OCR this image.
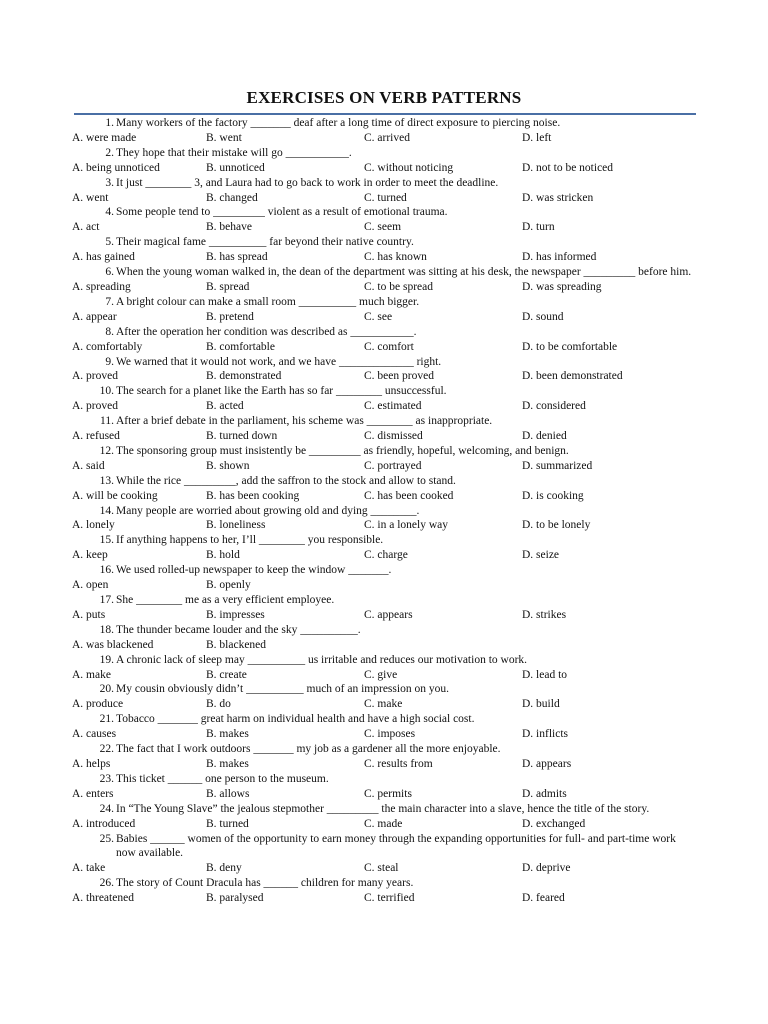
EXERCISES ON VERB PATTERNS
1. Many workers of the factory _______ deaf after a long time of direct exposure to piercing noise.
A. were made	B. went	C. arrived	D. left
2. They hope that their mistake will go ___________.
A. being unnoticed	B. unnoticed	C. without noticing	D. not to be noticed
3. It just ________ 3, and Laura had to go back to work in order to meet the deadline.
A. went	B. changed	C. turned	D. was stricken
4. Some people tend to _________ violent as a result of emotional trauma.
A. act	B. behave	C. seem	D. turn
5. Their magical fame __________ far beyond their native country.
A. has gained	B. has spread	C. has known	D. has informed
6. When the young woman walked in, the dean of the department was sitting at his desk, the newspaper _________ before him.
A. spreading	B. spread	C. to be spread	D. was spreading
7. A bright colour can make a small room __________ much bigger.
A. appear	B. pretend	C. see	D. sound
8. After the operation her condition was described as ___________.
A. comfortably	B. comfortable	C. comfort	D. to be comfortable
9. We warned that it would not work, and we have _____________ right.
A. proved	B. demonstrated	C. been proved	D. been demonstrated
10. The search for a planet like the Earth has so far ________ unsuccessful.
A. proved	B. acted	C. estimated	D. considered
11. After a brief debate in the parliament, his scheme was ________ as inappropriate.
A. refused	B. turned down	C. dismissed	D. denied
12. The sponsoring group must insistently be _________ as friendly, hopeful, welcoming, and benign.
A. said	B. shown	C. portrayed	D. summarized
13. While the rice _________, add the saffron to the stock and allow to stand.
A. will be cooking	B. has been cooking	C. has been cooked	D. is cooking
14. Many people are worried about growing old and dying ________.
A. lonely	B. loneliness	C. in a lonely way	D. to be lonely
15. If anything happens to her, I’ll ________ you responsible.
A. keep	B. hold	C. charge	D. seize
16. We used rolled-up newspaper to keep the window _______.
A. open	B. openly
17. She ________ me as a very efficient employee.
A. puts	B. impresses	C. appears	D. strikes
18. The thunder became louder and the sky __________.
A. was blackened	B. blackened
19. A chronic lack of sleep may __________ us irritable and reduces our motivation to work.
A. make	B. create	C. give	D. lead to
20. My cousin obviously didn’t __________ much of an impression on you.
A. produce	B. do	C. make	D. build
21. Tobacco _______ great harm on individual health and have a high social cost.
A. causes	B. makes	C. imposes	D. inflicts
22. The fact that I work outdoors _______ my job as a gardener all the more enjoyable.
A. helps	B. makes	C. results from	D. appears
23. This ticket ______ one person to the museum.
A. enters	B. allows	C. permits	D. admits
24. In “The Young Slave” the jealous stepmother _________ the main character into a slave, hence the title of the story.
A. introduced	B. turned	C. made	D. exchanged
25. Babies ______ women of the opportunity to earn money through the expanding opportunities for full- and part-time work now available.
A. take	B. deny	C. steal	D. deprive
26. The story of Count Dracula has ______ children for many years.
A. threatened	B. paralysed	C. terrified	D. feared
